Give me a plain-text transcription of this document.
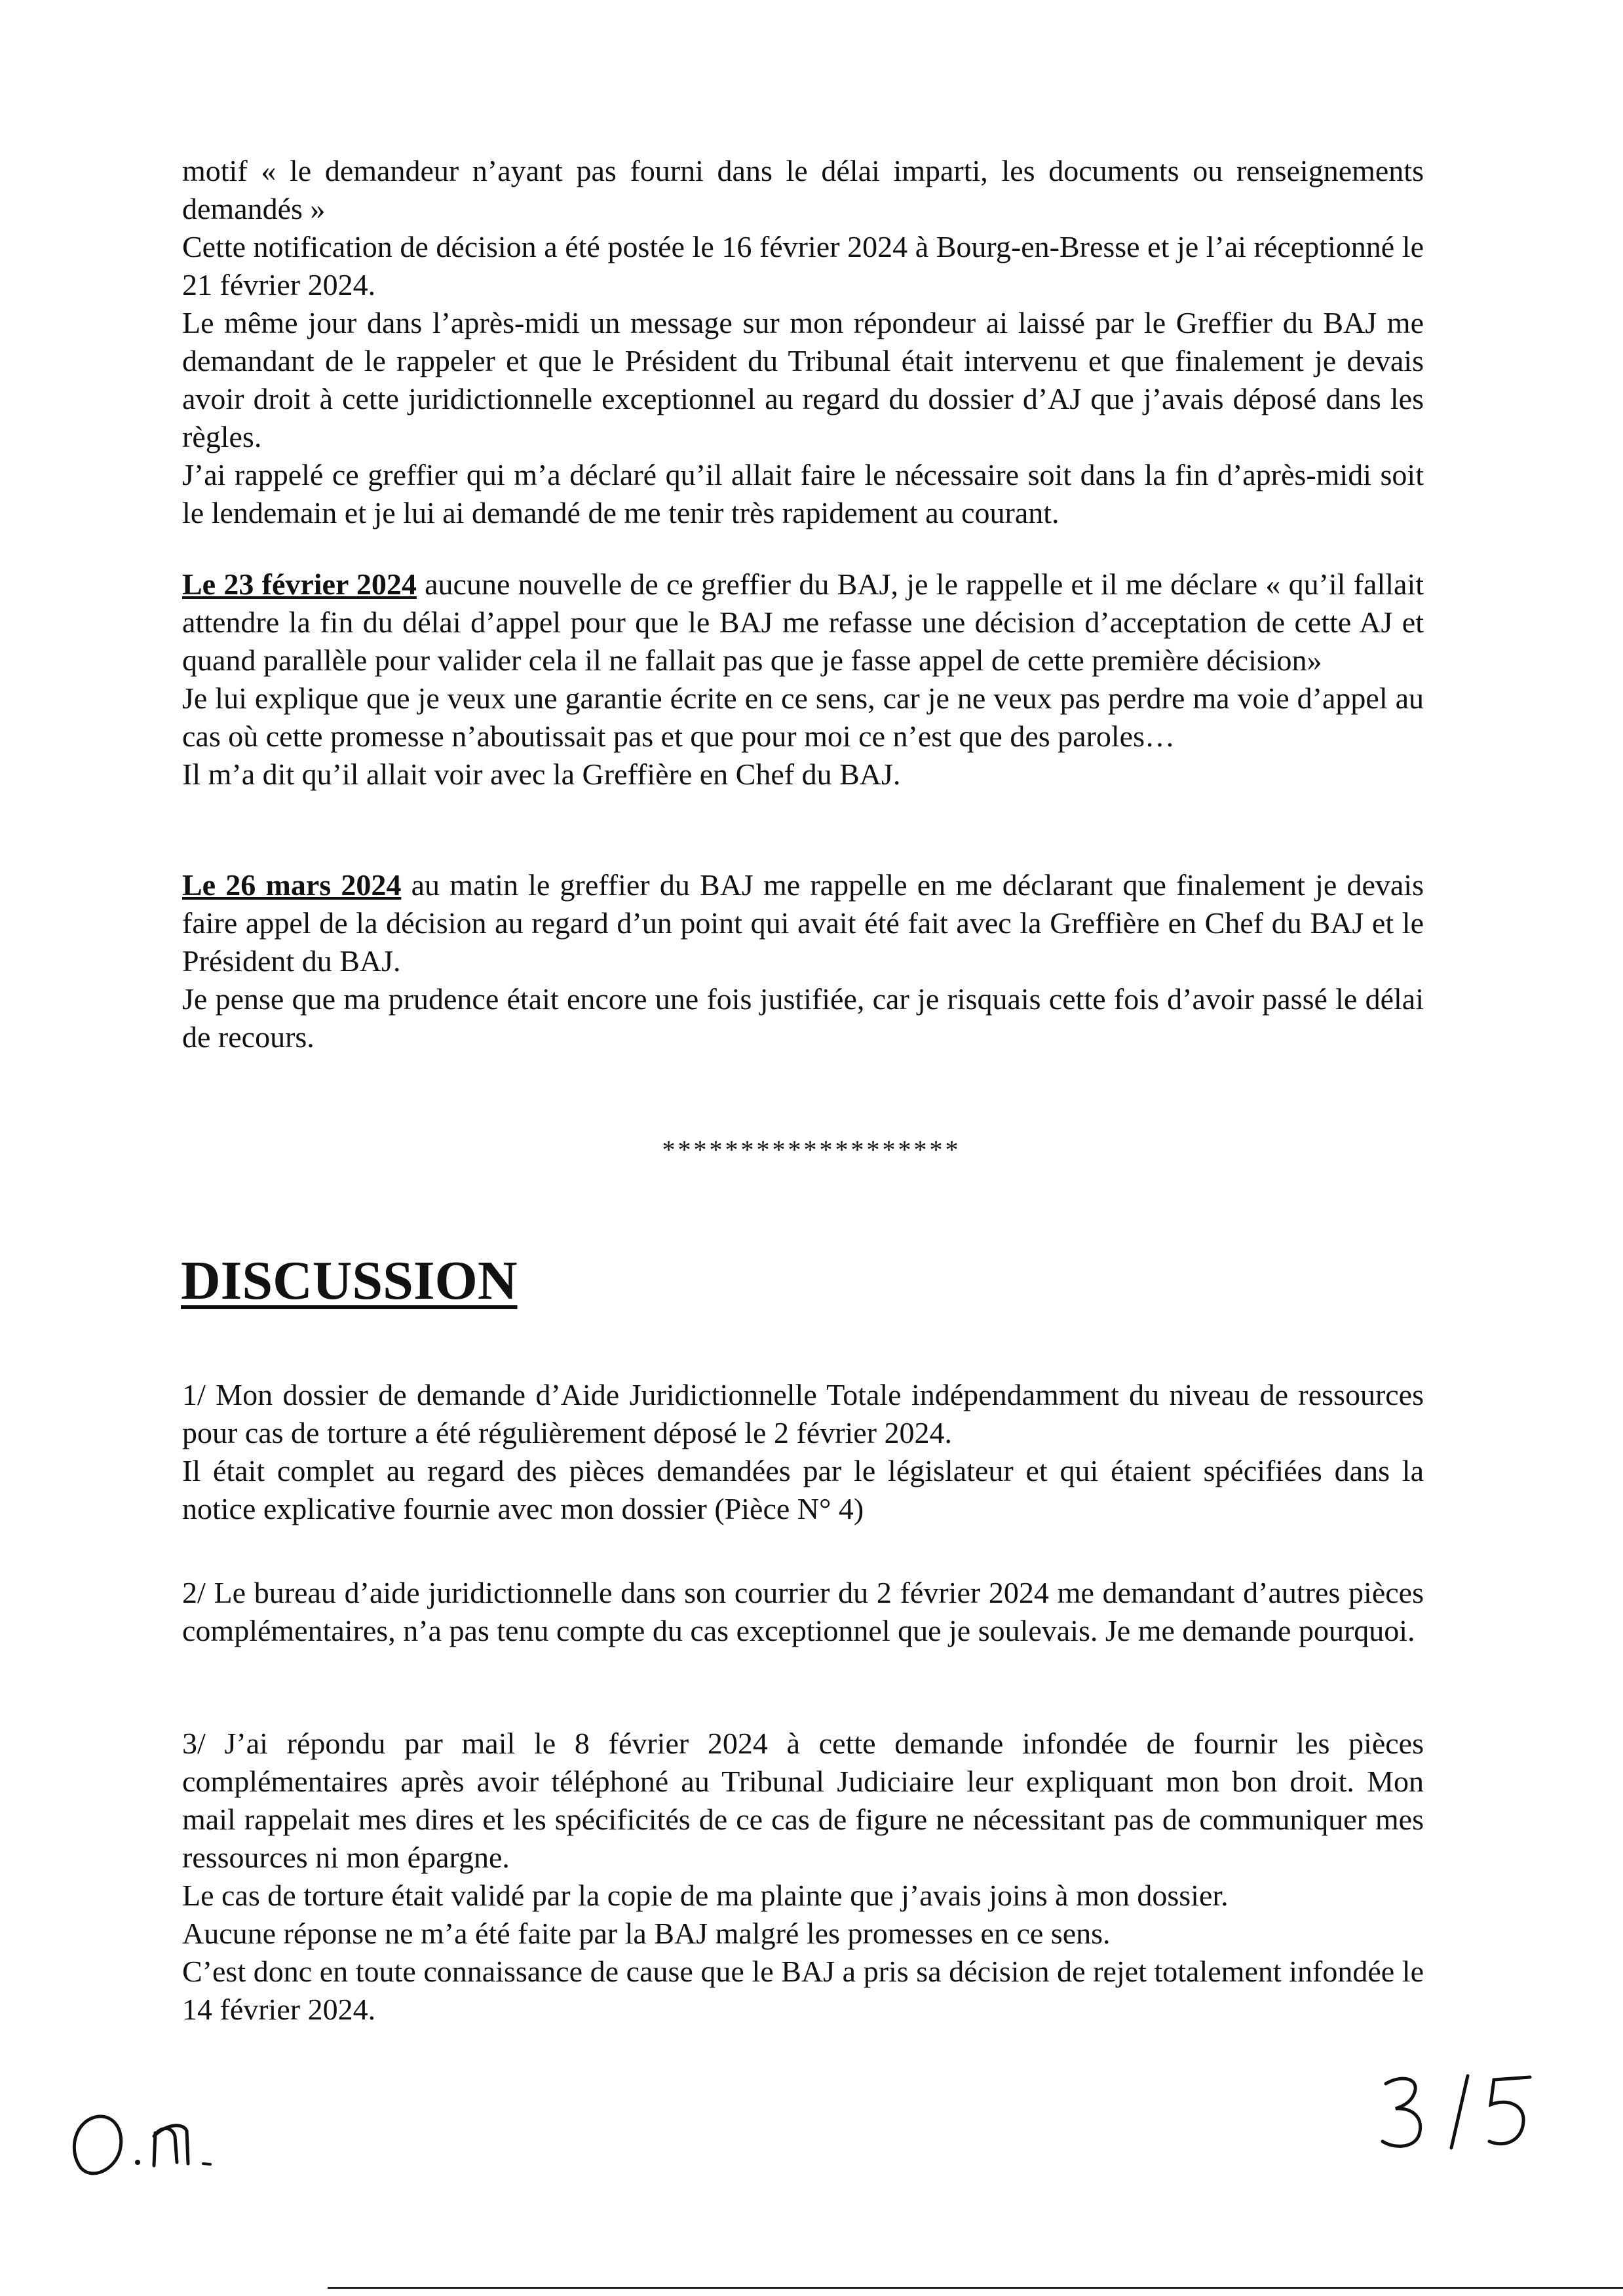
motif « le demandeur n’ayant pas fourni dans le délai imparti, les documents ou renseignements demandés »

Cette notification de décision a été postée le 16 février 2024 à Bourg-en-Bresse et je l’ai réceptionné le 21 février 2024.

Le même jour dans l’après-midi un message sur mon répondeur ai laissé par le Greffier du BAJ me demandant de le rappeler et que le Président du Tribunal était intervenu et que finalement je devais avoir droit à cette juridictionnelle exceptionnel au regard du dossier d’AJ que j’avais déposé dans les règles.

J’ai rappelé ce greffier qui m’a déclaré qu’il allait faire le nécessaire soit dans la fin d’après-midi soit le lendemain et je lui ai demandé de me tenir très rapidement au courant.

Le 23 février 2024 aucune nouvelle de ce greffier du BAJ, je le rappelle et il me déclare « qu’il fallait attendre la fin du délai d’appel pour que le BAJ me refasse une décision d’acceptation de cette AJ et quand parallèle pour valider cela il ne fallait pas que je fasse appel de cette première décision»

Je lui explique que je veux une garantie écrite en ce sens, car je ne veux pas perdre ma voie d’appel au cas où cette promesse n’aboutissait pas et que pour moi ce n’est que des paroles…

Il m’a dit qu’il allait voir avec la Greffière en Chef du BAJ.

Le 26 mars 2024 au matin le greffier du BAJ me rappelle en me déclarant que finalement je devais faire appel de la décision au regard d’un point qui avait été fait avec la Greffière en Chef du BAJ et le Président du BAJ.

Je pense que ma prudence était encore une fois justifiée, car je risquais cette fois d’avoir passé le délai de recours.

*******************
DISCUSSION

1/ Mon dossier de demande d’Aide Juridictionnelle Totale indépendamment du niveau de ressources pour cas de torture a été régulièrement déposé le 2 février 2024.

Il était complet au regard des pièces demandées par le législateur et qui étaient spécifiées dans la notice explicative fournie avec mon dossier (Pièce N° 4)

2/ Le bureau d’aide juridictionnelle dans son courrier du 2 février 2024 me demandant d’autres pièces complémentaires, n’a pas tenu compte du cas exceptionnel que je soulevais. Je me demande pourquoi.

3/ J’ai répondu par mail le 8 février 2024 à cette demande infondée de fournir les pièces complémentaires après avoir téléphoné au Tribunal Judiciaire leur expliquant mon bon droit. Mon mail rappelait mes dires et les spécificités de ce cas de figure ne nécessitant pas de communiquer mes ressources ni mon épargne.

Le cas de torture était validé par la copie de ma plainte que j’avais joins à mon dossier.

Aucune réponse ne m’a été faite par la BAJ malgré les promesses en ce sens.

C’est donc en toute connaissance de cause que le BAJ a pris sa décision de rejet totalement infondée le 14 février 2024.
